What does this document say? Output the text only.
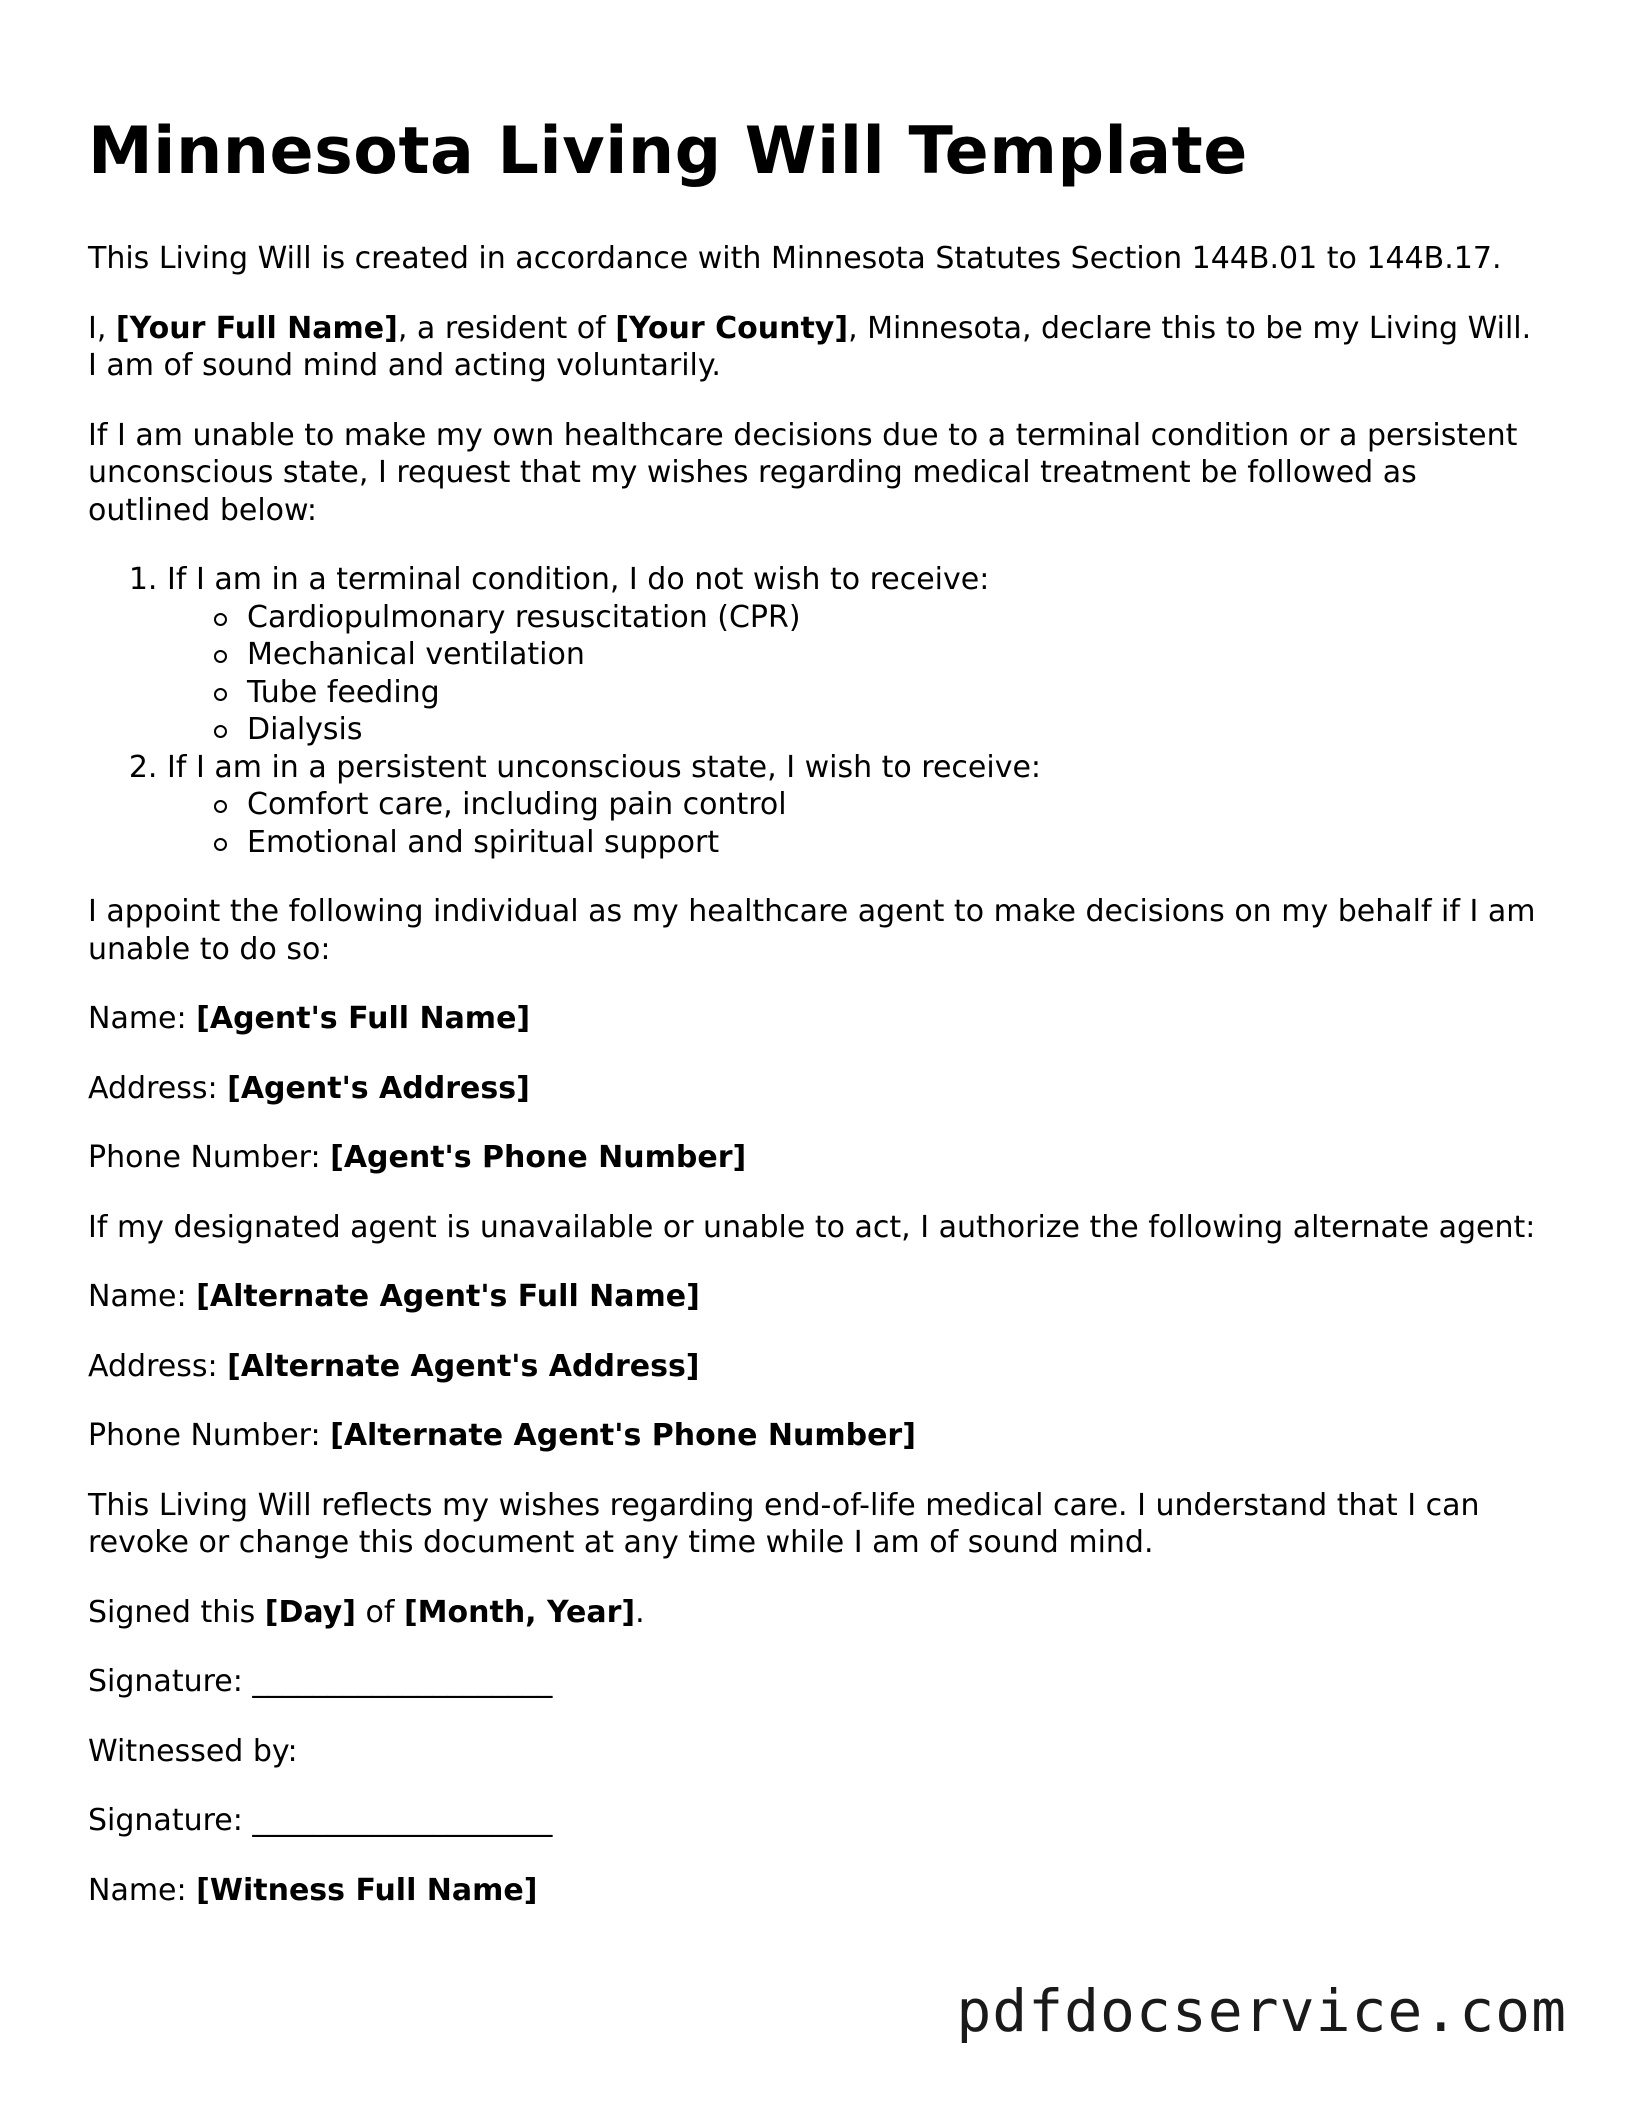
Minnesota Living Will Template

This Living Will is created in accordance with Minnesota Statutes Section 144B.01 to 144B.17.

I, [Your Full Name], a resident of [Your County], Minnesota, declare this to be my Living Will. I am of sound mind and acting voluntarily.

If I am unable to make my own healthcare decisions due to a terminal condition or a persistent unconscious state, I request that my wishes regarding medical treatment be followed as outlined below:

1. If I am in a terminal condition, I do not wish to receive:
Cardiopulmonary resuscitation (CPR)
Mechanical ventilation
Tube feeding
Dialysis
2. If I am in a persistent unconscious state, I wish to receive:
Comfort care, including pain control
Emotional and spiritual support

I appoint the following individual as my healthcare agent to make decisions on my behalf if I am unable to do so:

Name: [Agent's Full Name]

Address: [Agent's Address]

Phone Number: [Agent's Phone Number]

If my designated agent is unavailable or unable to act, I authorize the following alternate agent:

Name: [Alternate Agent's Full Name]

Address: [Alternate Agent's Address]

Phone Number: [Alternate Agent's Phone Number]

This Living Will reflects my wishes regarding end-of-life medical care. I understand that I can revoke or change this document at any time while I am of sound mind.

Signed this [Day] of [Month, Year].

Signature: ____________________

Witnessed by:

Signature: ____________________

Name: [Witness Full Name]

pdfdocservice.com
